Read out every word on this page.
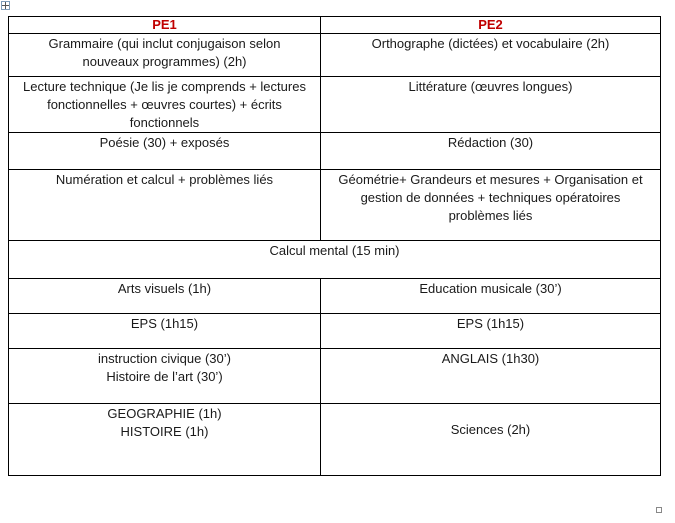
PE1	PE2

Grammaire (qui inclut conjugaison selon
nouveaux programmes) (2h)	Orthographe (dictées) et vocabulaire (2h)

Lecture technique (Je lis je comprends + lectures
fonctionnelles + œuvres courtes) + écrits
fonctionnels	Littérature (œuvres longues)

Poésie (30) + exposés	Rédaction (30)

Numération et calcul + problèmes liés	Géométrie+ Grandeurs et mesures + Organisation et
gestion de données + techniques opératoires
problèmes liés

Calcul mental (15 min)	

Arts visuels (1h)	Education musicale (30’)

EPS (1h15)	EPS (1h15)

instruction civique (30’)
Histoire de l’art (30’)	ANGLAIS (1h30)

GEOGRAPHIE (1h)
HISTOIRE (1h)	Sciences (2h)
